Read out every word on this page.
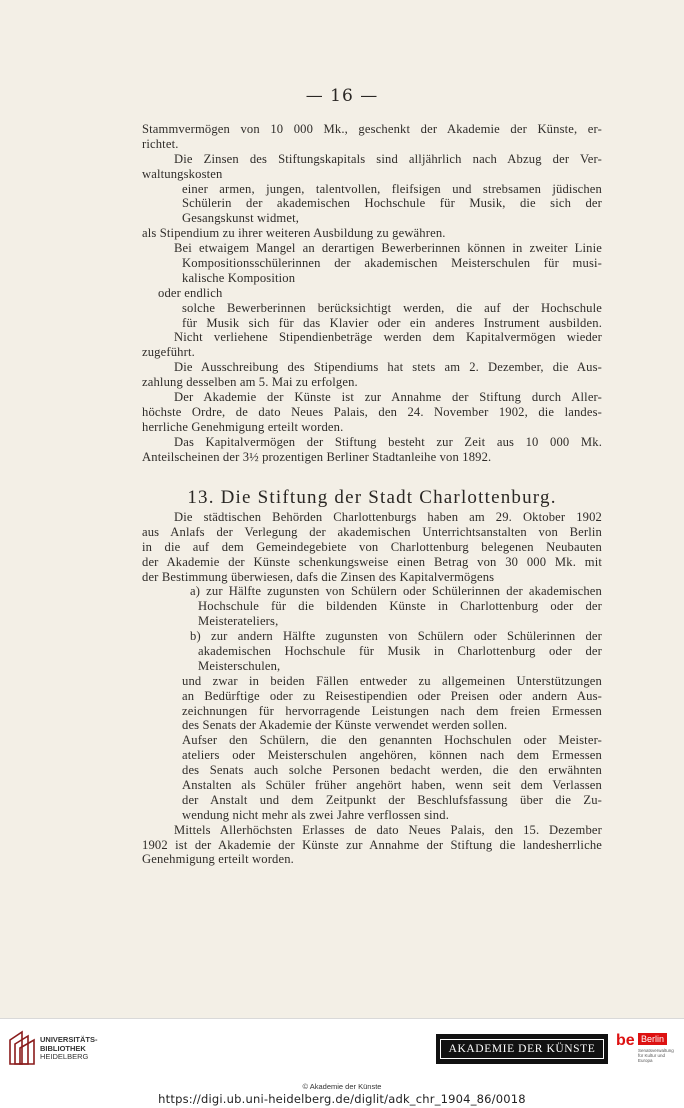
— 16 —
Stammvermögen von 10 000 Mk., geschenkt der Akademie der Künste, er-
richtet.
Die Zinsen des Stiftungskapitals sind alljährlich nach Abzug der Ver-
waltungskosten
einer armen, jungen, talentvollen, fleifsigen und strebsamen jüdischen
Schülerin der akademischen Hochschule für Musik, die sich der
Gesangskunst widmet,
als Stipendium zu ihrer weiteren Ausbildung zu gewähren.
Bei etwaigem Mangel an derartigen Bewerberinnen können in zweiter Linie
Kompositionsschülerinnen der akademischen Meisterschulen für musi-
kalische Komposition
oder endlich
solche Bewerberinnen berücksichtigt werden, die auf der Hochschule
für Musik sich für das Klavier oder ein anderes Instrument ausbilden.
Nicht verliehene Stipendienbeträge werden dem Kapitalvermögen wieder
zugeführt.
Die Ausschreibung des Stipendiums hat stets am 2. Dezember, die Aus-
zahlung desselben am 5. Mai zu erfolgen.
Der Akademie der Künste ist zur Annahme der Stiftung durch Aller-
höchste Ordre, de dato Neues Palais, den 24. November 1902, die landes-
herrliche Genehmigung erteilt worden.
Das Kapitalvermögen der Stiftung besteht zur Zeit aus 10 000 Mk.
Anteilscheinen der 3½ prozentigen Berliner Stadtanleihe von 1892.
13. Die Stiftung der Stadt Charlottenburg.
Die städtischen Behörden Charlottenburgs haben am 29. Oktober 1902
aus Anlafs der Verlegung der akademischen Unterrichtsanstalten von Berlin
in die auf dem Gemeindegebiete von Charlottenburg belegenen Neubauten
der Akademie der Künste schenkungsweise einen Betrag von 30 000 Mk. mit
der Bestimmung überwiesen, dafs die Zinsen des Kapitalvermögens
a) zur Hälfte zugunsten von Schülern oder Schülerinnen der akademischen
Hochschule für die bildenden Künste in Charlottenburg oder der
Meisterateliers,
b) zur andern Hälfte zugunsten von Schülern oder Schülerinnen der
akademischen Hochschule für Musik in Charlottenburg oder der
Meisterschulen,
und zwar in beiden Fällen entweder zu allgemeinen Unterstützungen
an Bedürftige oder zu Reisestipendien oder Preisen oder andern Aus-
zeichnungen für hervorragende Leistungen nach dem freien Ermessen
des Senats der Akademie der Künste verwendet werden sollen.
Aufser den Schülern, die den genannten Hochschulen oder Meister-
ateliers oder Meisterschulen angehören, können nach dem Ermessen
des Senats auch solche Personen bedacht werden, die den erwähnten
Anstalten als Schüler früher angehört haben, wenn seit dem Verlassen
der Anstalt und dem Zeitpunkt der Beschlufsfassung über die Zu-
wendung nicht mehr als zwei Jahre verflossen sind.
Mittels Allerhöchsten Erlasses de dato Neues Palais, den 15. Dezember
1902 ist der Akademie der Künste zur Annahme der Stiftung die landesherrliche
Genehmigung erteilt worden.
UNIVERSITÄTS-
BIBLIOTHEK
HEIDELBERG
AKADEMIE DER KÜNSTE	be Berlin
Senatsverwaltung für Kultur und Europa
© Akademie der Künste
https://digi.ub.uni-heidelberg.de/diglit/adk_chr_1904_86/0018
